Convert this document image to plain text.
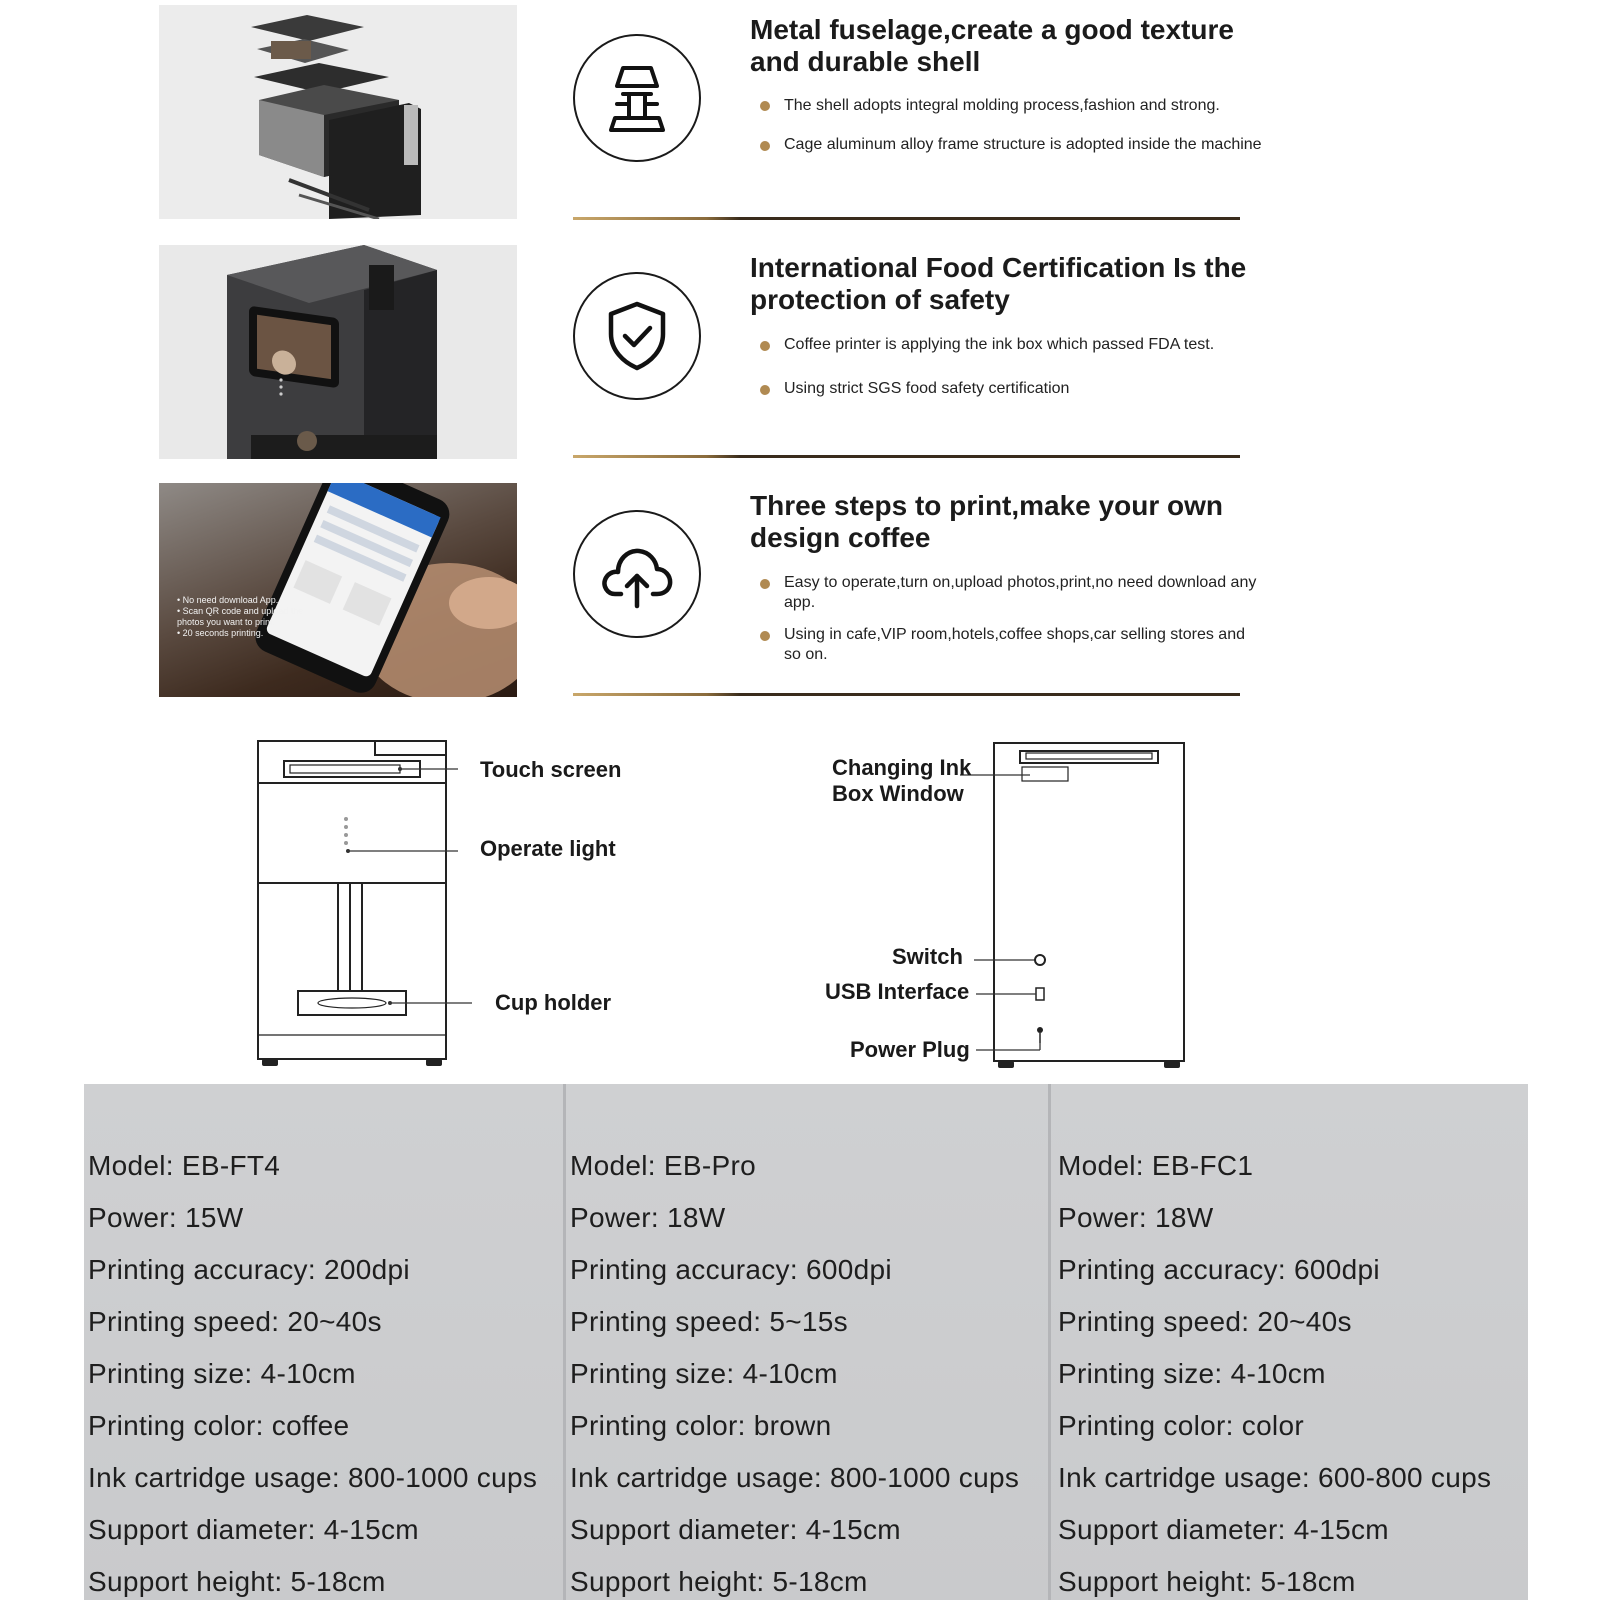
• No need download App.
• Scan QR code and upload the photos you want to print.
• 20 seconds printing.
Metal fuselage,create a good texture and durable shell
The shell adopts integral molding process,fashion and strong.
Cage aluminum alloy frame structure is adopted inside the machine
International Food Certification Is the protection of safety
Coffee printer is applying the ink box which passed FDA test.
Using strict SGS food safety certification
Three steps to print,make your own design coffee
Easy to operate,turn on,upload photos,print,no need download any app.
Using in cafe,VIP room,hotels,coffee shops,car selling stores and so on.
Touch screen
Operate light
Cup holder
Changing Ink
Box Window
Switch
USB Interface
Power Plug
Model: EB-FT4
Power: 15W
Printing accuracy: 200dpi
Printing speed: 20~40s
Printing size: 4-10cm
Printing color: coffee
Ink cartridge usage: 800-1000 cups
Support diameter: 4-15cm
Support height: 5-18cm
Model: EB-Pro
Power: 18W
Printing accuracy: 600dpi
Printing speed: 5~15s
Printing size: 4-10cm
Printing color: brown
Ink cartridge usage: 800-1000 cups
Support diameter: 4-15cm
Support height: 5-18cm
Model: EB-FC1
Power: 18W
Printing accuracy: 600dpi
Printing speed: 20~40s
Printing size: 4-10cm
Printing color: color
Ink cartridge usage: 600-800 cups
Support diameter: 4-15cm
Support height: 5-18cm
